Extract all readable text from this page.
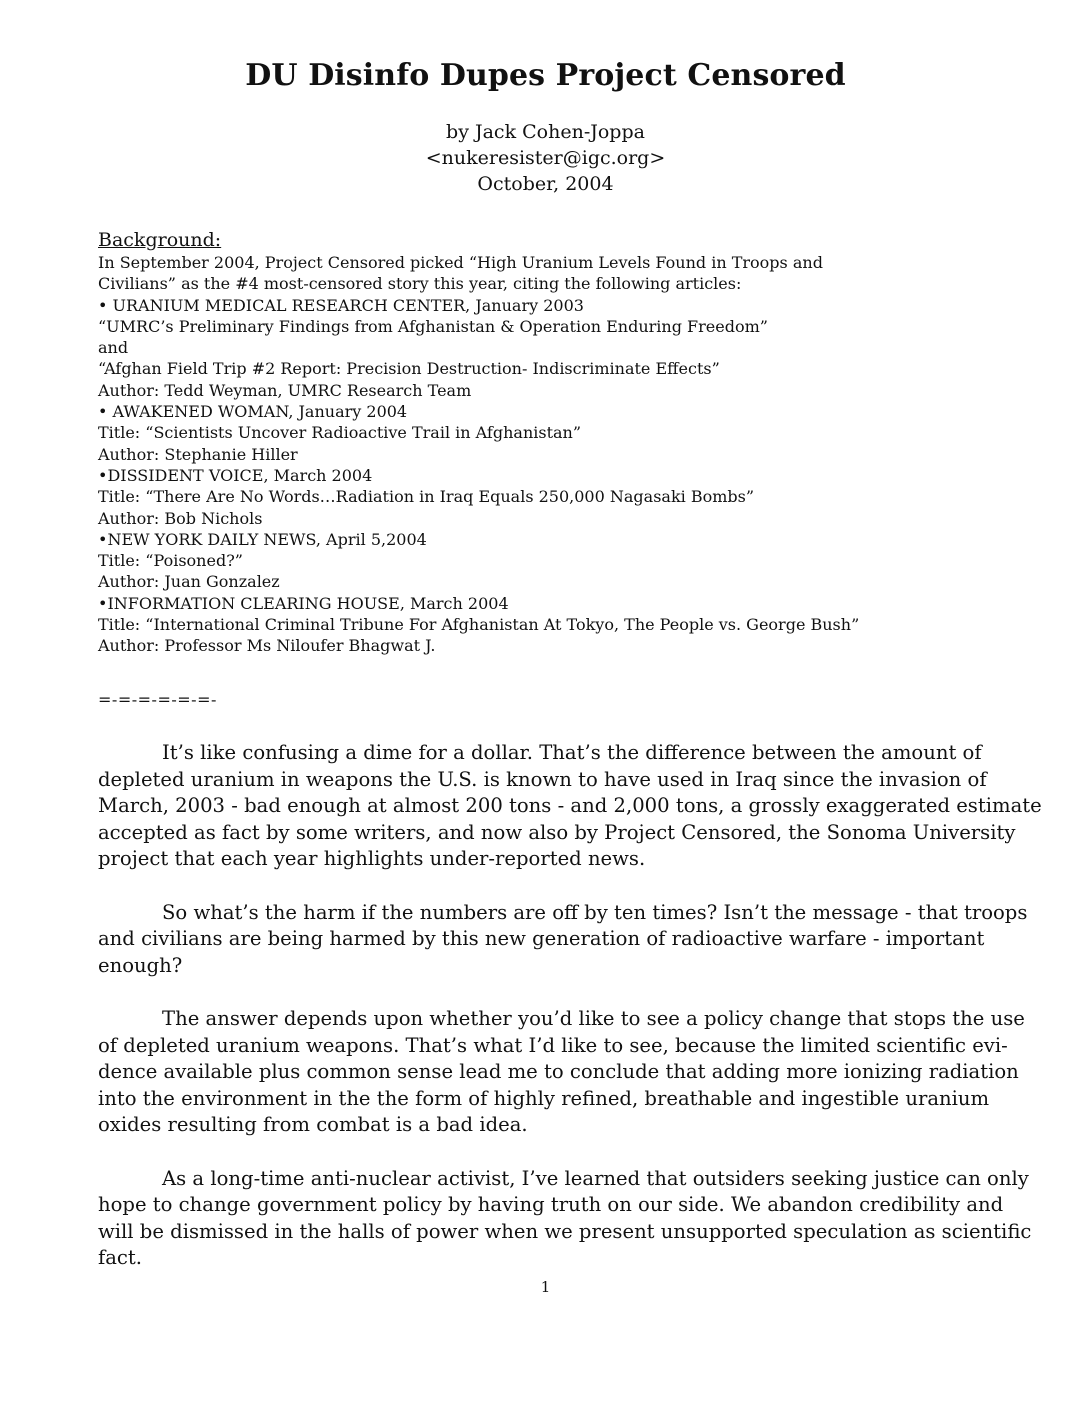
DU Disinfo Dupes Project Censored
by Jack Cohen-Joppa
<nukeresister@igc.org>
October, 2004
Background:
In September 2004, Project Censored picked “High Uranium Levels Found in Troops and
Civilians” as the #4 most-censored story this year, citing the following articles:
• URANIUM MEDICAL RESEARCH CENTER, January 2003
“UMRC’s Preliminary Findings from Afghanistan & Operation Enduring Freedom”
and
“Afghan Field Trip #2 Report: Precision Destruction- Indiscriminate Effects”
Author: Tedd Weyman, UMRC Research Team
• AWAKENED WOMAN, January 2004
Title: “Scientists Uncover Radioactive Trail in Afghanistan”
Author: Stephanie Hiller
•DISSIDENT VOICE, March 2004
Title: “There Are No Words…Radiation in Iraq Equals 250,000 Nagasaki Bombs”
Author: Bob Nichols
•NEW YORK DAILY NEWS, April 5,2004
Title: “Poisoned?”
Author: Juan Gonzalez
•INFORMATION CLEARING HOUSE, March 2004
Title: “International Criminal Tribune For Afghanistan At Tokyo, The People vs. George Bush”
Author: Professor Ms Niloufer Bhagwat J.
=-=-=-=-=-=-
It’s like confusing a dime for a dollar. That’s the difference between the amount of
depleted uranium in weapons the U.S. is known to have used in Iraq since the invasion of
March, 2003 - bad enough at almost 200 tons - and 2,000 tons, a grossly exaggerated estimate
accepted as fact by some writers, and now also by Project Censored, the Sonoma University
project that each year highlights under-reported news.
So what’s the harm if the numbers are off by ten times? Isn’t the message - that troops
and civilians are being harmed by this new generation of radioactive warfare - important
enough?
The answer depends upon whether you’d like to see a policy change that stops the use
of depleted uranium weapons. That’s what I’d like to see, because the limited scientific evi-
dence available plus common sense lead me to conclude that adding more ionizing radiation
into the environment in the the form of highly refined, breathable and ingestible uranium
oxides resulting from combat is a bad idea.
As a long-time anti-nuclear activist, I’ve learned that outsiders seeking justice can only
hope to change government policy by having truth on our side. We abandon credibility and
will be dismissed in the halls of power when we present unsupported speculation as scientific
fact.
1
